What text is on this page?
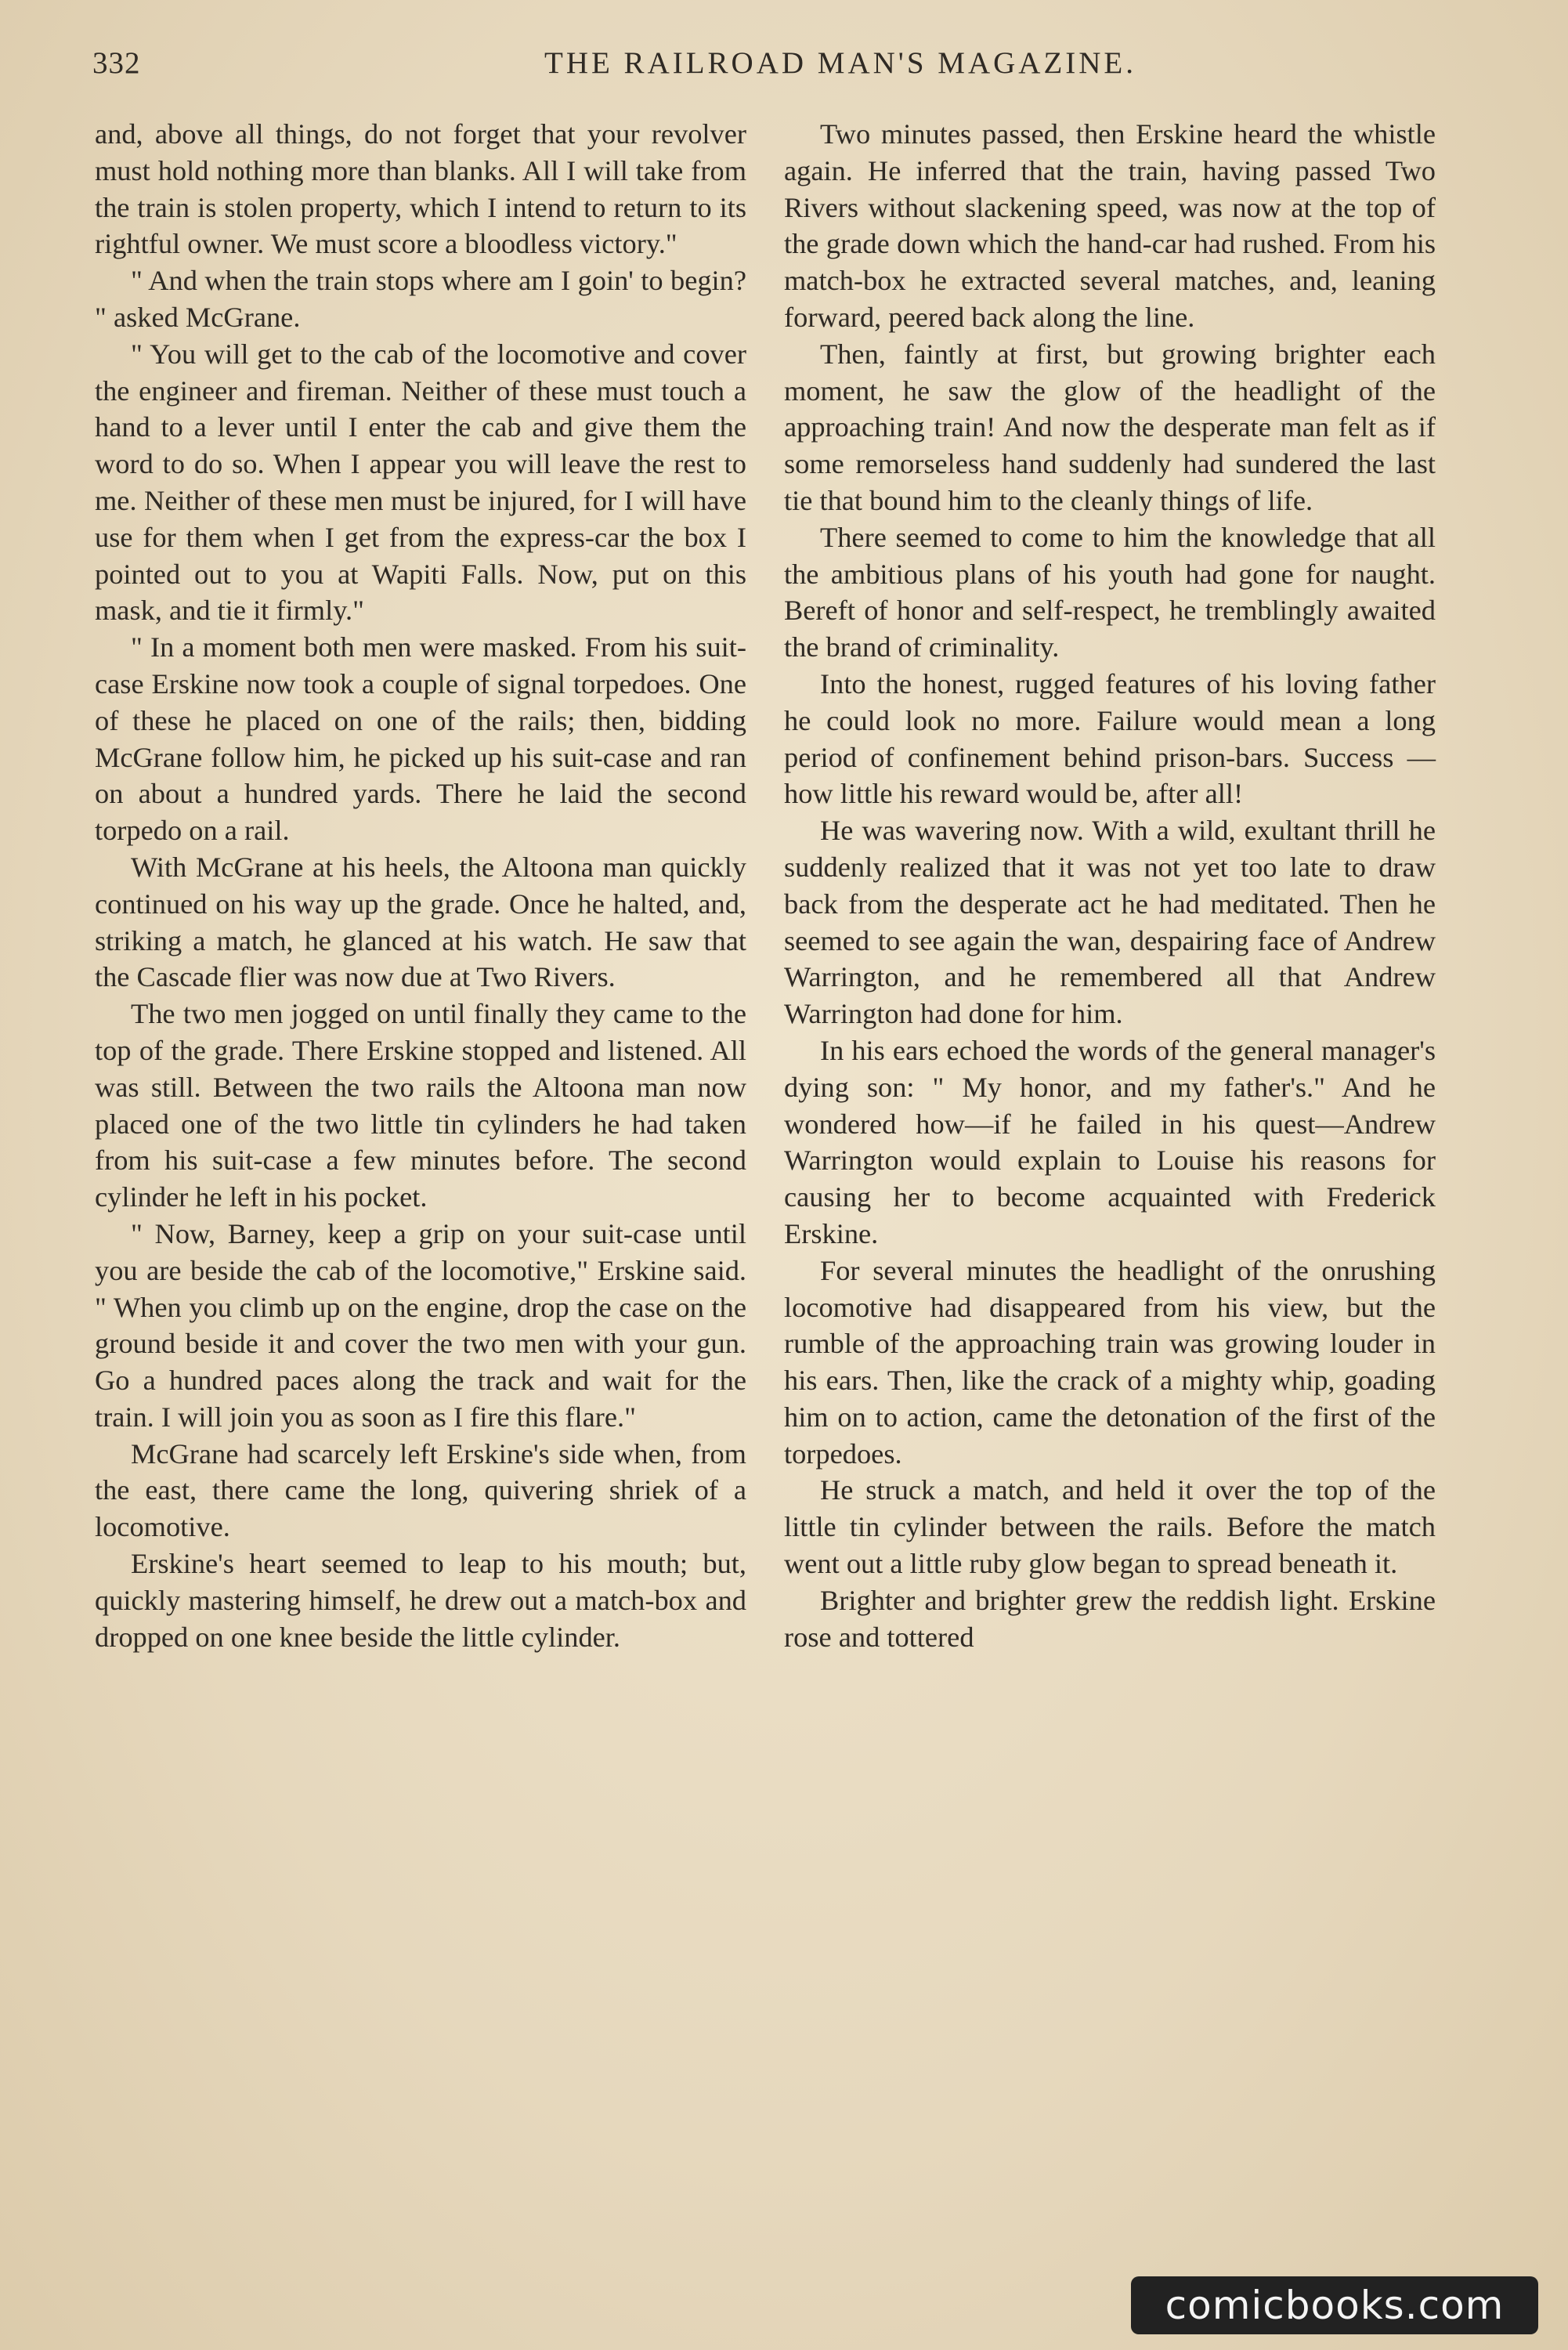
332	THE RAILROAD MAN'S MAGAZINE.

and, above all things, do not forget that your revolver must hold nothing more than blanks. All I will take from the train is stolen property, which I intend to return to its rightful owner. We must score a bloodless victory."

" And when the train stops where am I goin' to begin? " asked McGrane.

" You will get to the cab of the locomotive and cover the engineer and fireman. Neither of these must touch a hand to a lever until I enter the cab and give them the word to do so. When I appear you will leave the rest to me. Neither of these men must be injured, for I will have use for them when I get from the express-car the box I pointed out to you at Wapiti Falls. Now, put on this mask, and tie it firmly."

" In a moment both men were masked. From his suit-case Erskine now took a couple of signal torpedoes. One of these he placed on one of the rails; then, bidding McGrane follow him, he picked up his suit-case and ran on about a hundred yards. There he laid the second torpedo on a rail.

With McGrane at his heels, the Altoona man quickly continued on his way up the grade. Once he halted, and, striking a match, he glanced at his watch. He saw that the Cascade flier was now due at Two Rivers.

The two men jogged on until finally they came to the top of the grade. There Erskine stopped and listened. All was still. Between the two rails the Altoona man now placed one of the two little tin cylinders he had taken from his suit-case a few minutes before. The second cylinder he left in his pocket.

" Now, Barney, keep a grip on your suit-case until you are beside the cab of the locomotive," Erskine said. " When you climb up on the engine, drop the case on the ground beside it and cover the two men with your gun. Go a hundred paces along the track and wait for the train. I will join you as soon as I fire this flare."

McGrane had scarcely left Erskine's side when, from the east, there came the long, quivering shriek of a locomotive.

Erskine's heart seemed to leap to his mouth; but, quickly mastering himself, he drew out a match-box and dropped on one knee beside the little cylinder.

Two minutes passed, then Erskine heard the whistle again. He inferred that the train, having passed Two Rivers without slackening speed, was now at the top of the grade down which the hand-car had rushed. From his match-box he extracted several matches, and, leaning forward, peered back along the line.

Then, faintly at first, but growing brighter each moment, he saw the glow of the headlight of the approaching train! And now the desperate man felt as if some remorseless hand suddenly had sundered the last tie that bound him to the cleanly things of life.

There seemed to come to him the knowledge that all the ambitious plans of his youth had gone for naught. Bereft of honor and self-respect, he tremblingly awaited the brand of criminality.

Into the honest, rugged features of his loving father he could look no more. Failure would mean a long period of confinement behind prison-bars. Success —how little his reward would be, after all!

He was wavering now. With a wild, exultant thrill he suddenly realized that it was not yet too late to draw back from the desperate act he had meditated. Then he seemed to see again the wan, despairing face of Andrew Warrington, and he remembered all that Andrew Warrington had done for him.

In his ears echoed the words of the general manager's dying son: " My honor, and my father's." And he wondered how—if he failed in his quest—Andrew Warrington would explain to Louise his reasons for causing her to become acquainted with Frederick Erskine.

For several minutes the headlight of the onrushing locomotive had disappeared from his view, but the rumble of the approaching train was growing louder in his ears. Then, like the crack of a mighty whip, goading him on to action, came the detonation of the first of the torpedoes.

He struck a match, and held it over the top of the little tin cylinder between the rails. Before the match went out a little ruby glow began to spread beneath it.

Brighter and brighter grew the reddish light. Erskine rose and tottered

comicbooks.com
